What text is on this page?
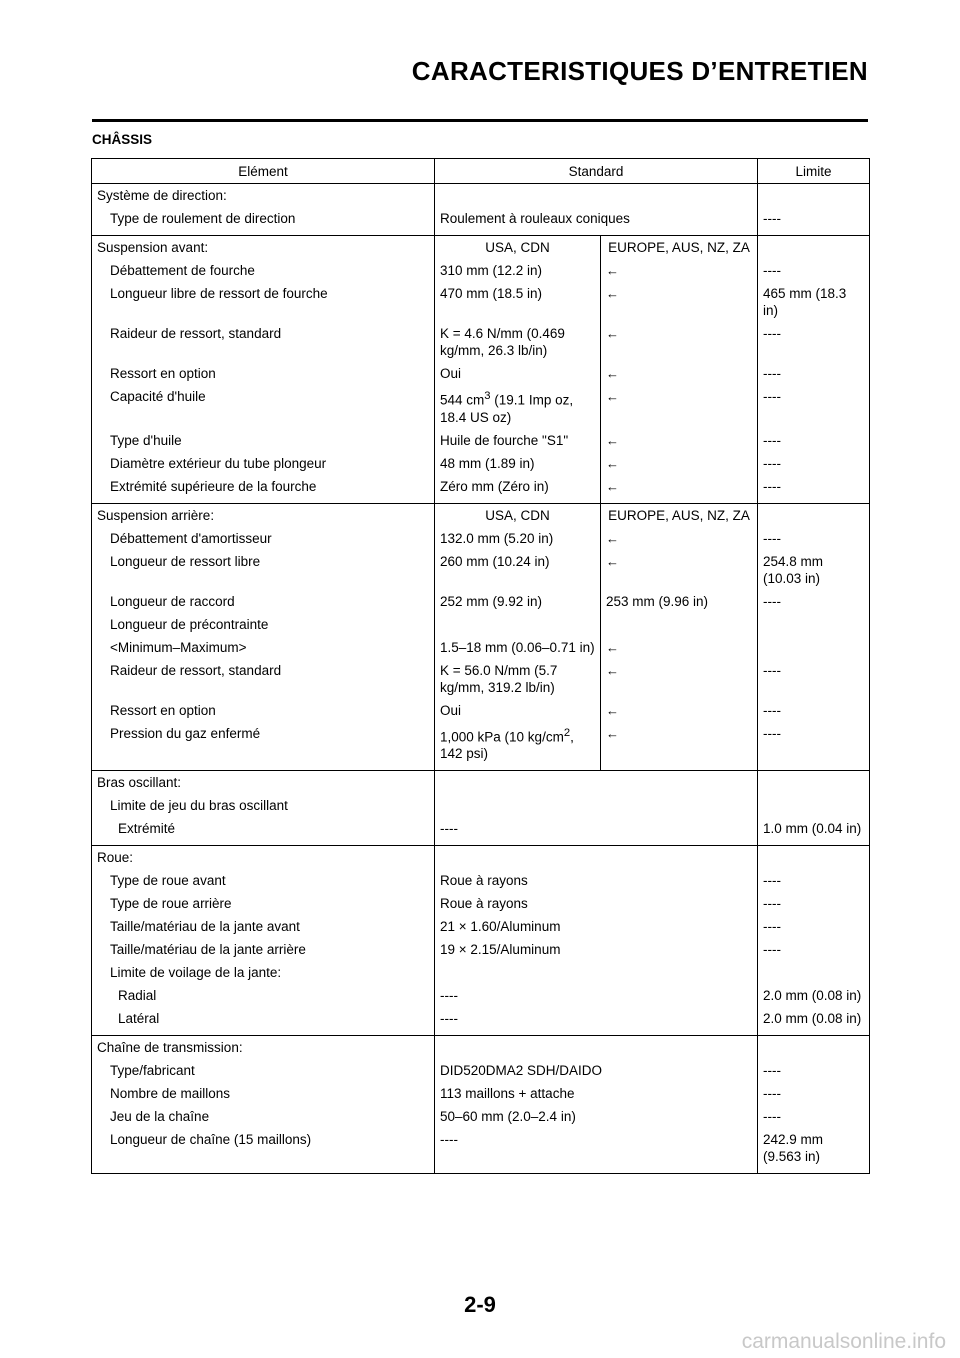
CARACTERISTIQUES D’ENTRETIEN
CHÂSSIS
Elément	Standard		Limite
Système de direction:			
Type de roulement de direction	Roulement à rouleaux coniques		----
Suspension avant:	USA, CDN	EUROPE, AUS, NZ, ZA	
Débattement de fourche	310 mm (12.2 in)	←	----
Longueur libre de ressort de fourche	470 mm (18.5 in)	←	465 mm (18.3 in)
Raideur de ressort, standard	K = 4.6 N/mm (0.469 kg/mm, 26.3 lb/in)	←	----
Ressort en option	Oui	←	----
Capacité d'huile	544 $cm^3$ (19.1 Imp oz, 18.4 US oz)	←	----
Type d'huile	Huile de fourche "S1"	←	----
Diamètre extérieur du tube plongeur	48 mm (1.89 in)	←	----
Extrémité supérieure de la fourche	Zéro mm (Zéro in)	←	----
Suspension arrière:	USA, CDN	EUROPE, AUS, NZ, ZA	
Débattement d'amortisseur	132.0 mm (5.20 in)	←	----
Longueur de ressort libre	260 mm (10.24 in)	←	254.8 mm (10.03 in)
Longueur de raccord	252 mm (9.92 in)	253 mm (9.96 in)	----
Longueur de précontrainte			
<Minimum–Maximum>	1.5–18 mm (0.06–0.71 in)	←	
Raideur de ressort, standard	K = 56.0 N/mm (5.7 kg/mm, 319.2 lb/in)	←	----
Ressort en option	Oui	←	----
Pression du gaz enfermé	1,000 kPa (10 $kg/cm^2$, 142 psi)	←	----
Bras oscillant:			
Limite de jeu du bras oscillant			
Extrémité	----		1.0 mm (0.04 in)
Roue:			
Type de roue avant	Roue à rayons		----
Type de roue arrière	Roue à rayons		----
Taille/matériau de la jante avant	21 × 1.60/Aluminum		----
Taille/matériau de la jante arrière	19 × 2.15/Aluminum		----
Limite de voilage de la jante:			
Radial	----		2.0 mm (0.08 in)
Latéral	----		2.0 mm (0.08 in)
Chaîne de transmission:			
Type/fabricant	DID520DMA2 SDH/DAIDO		----
Nombre de maillons	113 maillons + attache		----
Jeu de la chaîne	50–60 mm (2.0–2.4 in)		----
Longueur de chaîne (15 maillons)	----		242.9 mm (9.563 in)
2-9
carmanualsonline.info
